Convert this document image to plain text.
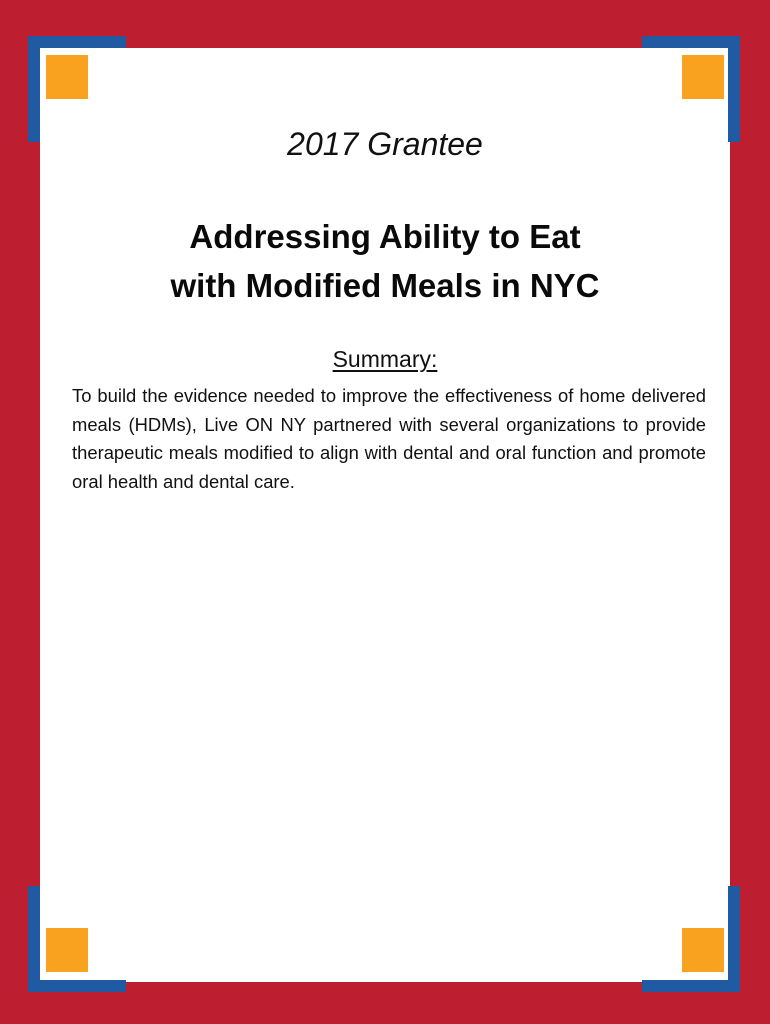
2017 Grantee
Addressing Ability to Eat
with Modified Meals in NYC
Summary:

To build the evidence needed to improve the effectiveness of home delivered meals (HDMs), Live ON NY partnered with several organizations to provide therapeutic meals modified to align with dental and oral function and promote oral health and dental care.
